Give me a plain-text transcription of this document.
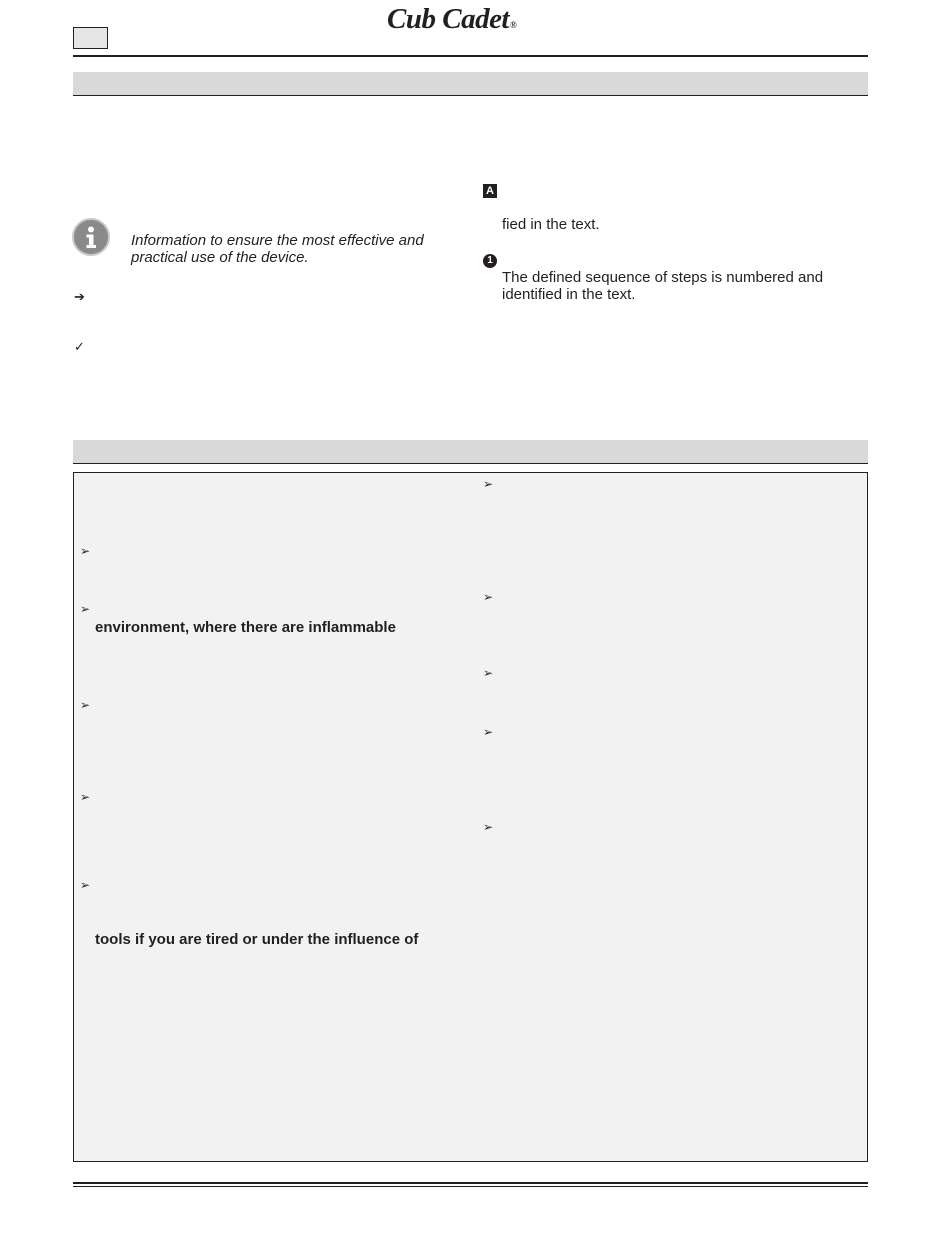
Cub Cadet®
Information to ensure the most effective and
practical use of the device.
➔
✓
A
fied in the text.
1
The defined sequence of steps is numbered and
identified in the text.
➢
➢
environment, where there are inflammable
➢
➢
➢
tools if you are tired or under the influence of
➢
➢
➢
➢
➢
